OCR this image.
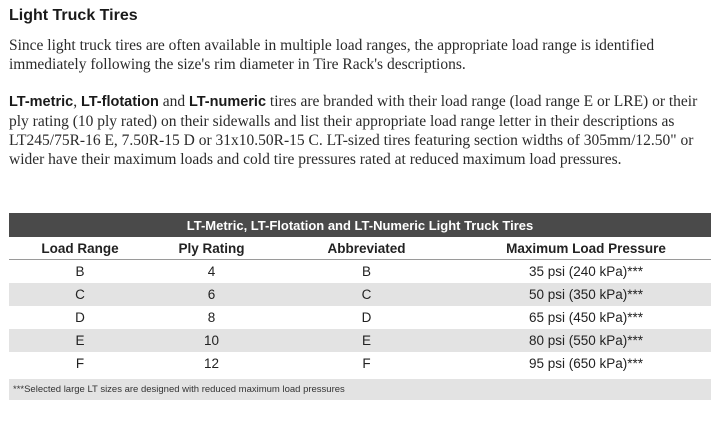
Light Truck Tires

Since light truck tires are often available in multiple load ranges, the appropriate load range is identified immediately following the size's rim diameter in Tire Rack's descriptions.

LT-metric, LT-flotation and LT-numeric tires are branded with their load range (load range E or LRE) or their ply rating (10 ply rated) on their sidewalls and list their appropriate load range letter in their descriptions as LT245/75R-16 E, 7.50R-15 D or 31x10.50R-15 C. LT-sized tires featuring section widths of 305mm/12.50" or wider have their maximum loads and cold tire pressures rated at reduced maximum load pressures.

LT-Metric, LT-Flotation and LT-Numeric Light Truck Tires
Load Range	Ply Rating	Abbreviated	Maximum Load Pressure
B	4	B	35 psi (240 kPa)***
C	6	C	50 psi (350 kPa)***
D	8	D	65 psi (450 kPa)***
E	10	E	80 psi (550 kPa)***
F	12	F	95 psi (650 kPa)***
***Selected large LT sizes are designed with reduced maximum load pressures
